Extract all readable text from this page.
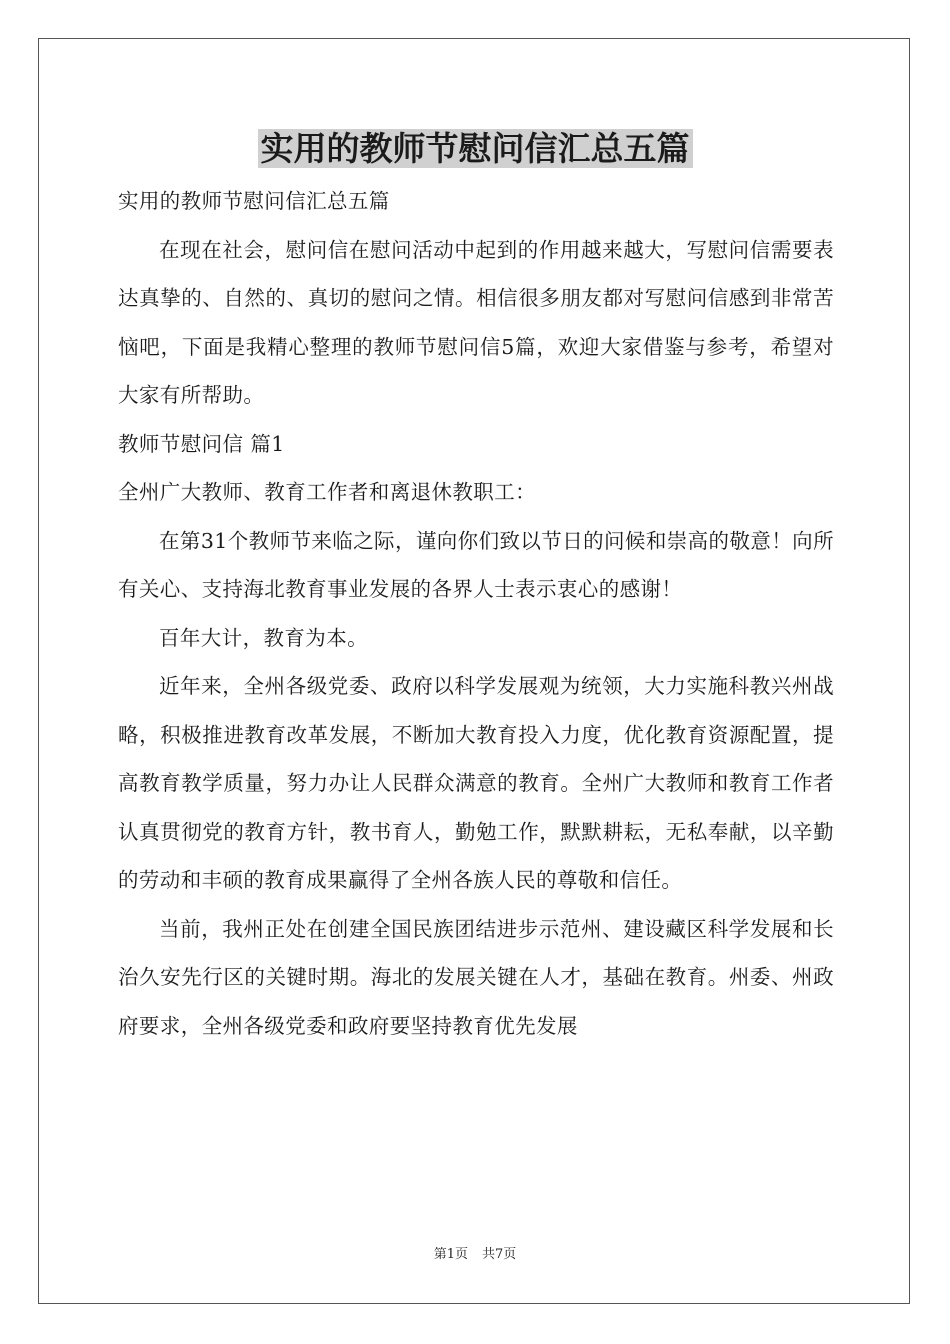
实用的教师节慰问信汇总五篇

实用的教师节慰问信汇总五篇

在现在社会，慰问信在慰问活动中起到的作用越来越大，写慰问信需要表达真挚的、自然的、真切的慰问之情。相信很多朋友都对写慰问信感到非常苦恼吧，下面是我精心整理的教师节慰问信5篇，欢迎大家借鉴与参考，希望对大家有所帮助。

教师节慰问信 篇1

全州广大教师、教育工作者和离退休教职工：

在第31个教师节来临之际，谨向你们致以节日的问候和崇高的敬意！向所有关心、支持海北教育事业发展的各界人士表示衷心的感谢！

百年大计，教育为本。

近年来，全州各级党委、政府以科学发展观为统领，大力实施科教兴州战略，积极推进教育改革发展，不断加大教育投入力度，优化教育资源配置，提高教育教学质量，努力办让人民群众满意的教育。全州广大教师和教育工作者认真贯彻党的教育方针，教书育人，勤勉工作，默默耕耘，无私奉献，以辛勤的劳动和丰硕的教育成果赢得了全州各族人民的尊敬和信任。

当前，我州正处在创建全国民族团结进步示范州、建设藏区科学发展和长治久安先行区的关键时期。海北的发展关键在人才，基础在教育。州委、州政府要求，全州各级党委和政府要坚持教育优先发展

第1页 共7页
